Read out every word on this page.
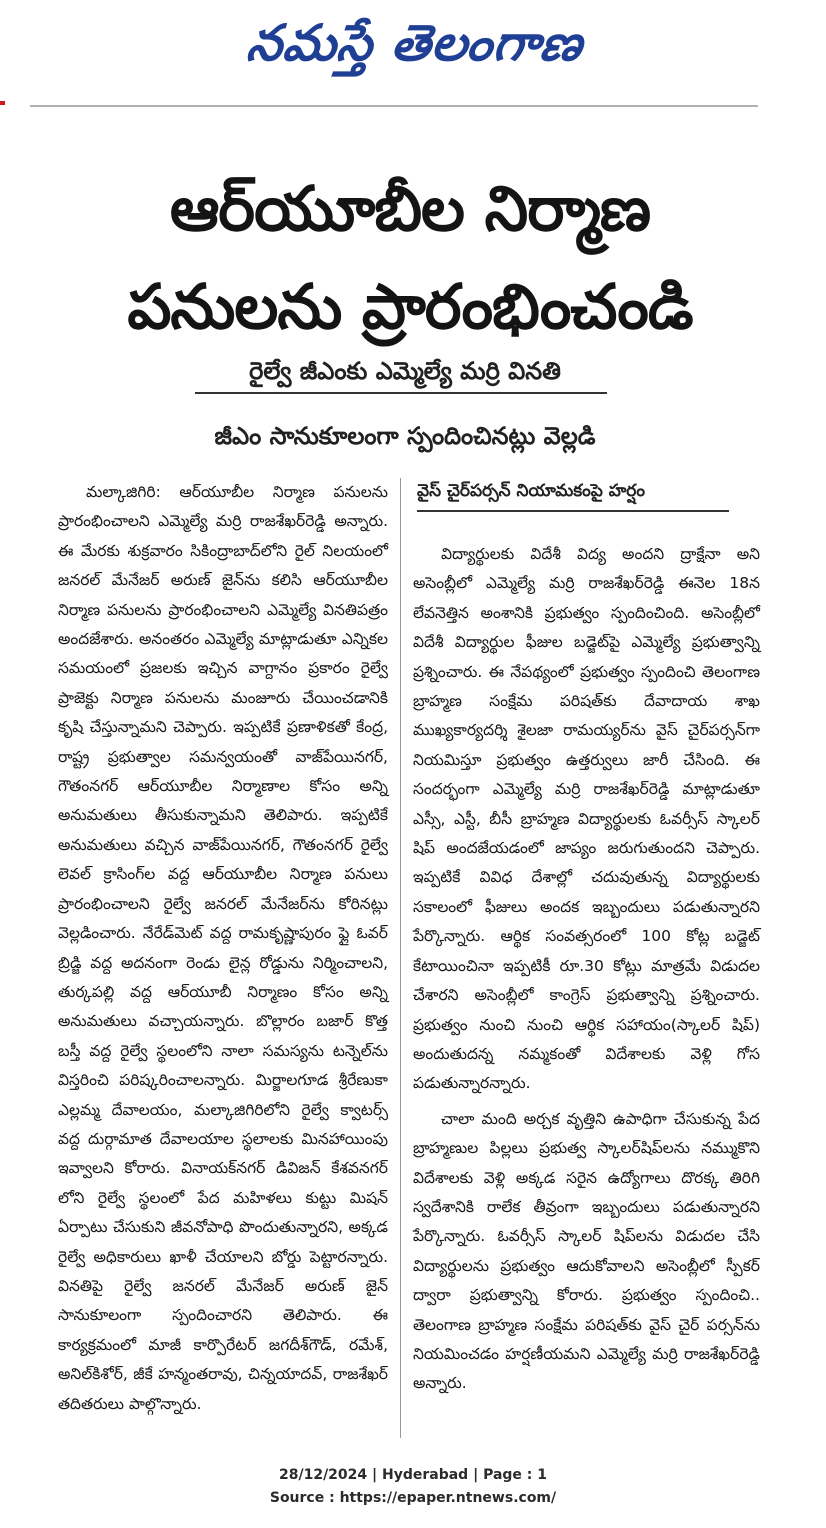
నమస్తే తెలంగాణ
ఆర్‌యూబీల నిర్మాణ
పనులను ప్రారంభించండి
రైల్వే జీఎంకు ఎమ్మెల్యే మర్రి వినతి
జీఎం సానుకూలంగా స్పందించినట్లు వెల్లడి

మల్కాజిగిరి: ఆర్‌యూబీల నిర్మాణ పనులను ప్రారంభించాలని ఎమ్మెల్యే మర్రి రాజశేఖర్‌రెడ్డి అన్నారు. ఈ మేరకు శుక్రవారం సికింద్రాబాద్‌లోని రైల్ నిలయంలో జనరల్ మేనేజర్ అరుణ్ జైన్‌ను కలిసి ఆర్‌యూబీల నిర్మాణ పనులను ప్రారంభించాలని ఎమ్మెల్యే వినతిపత్రం అందజేశారు. అనంతరం ఎమ్మెల్యే మాట్లాడుతూ ఎన్నికల సమయంలో ప్రజలకు ఇచ్చిన వాగ్దానం ప్రకారం రైల్వే ప్రాజెక్టు నిర్మాణ పనులను మంజూరు చేయించడానికి కృషి చేస్తున్నామని చెప్పారు. ఇప్పటికే ప్రణాళికతో కేంద్ర, రాష్ట్ర ప్రభుత్వాల సమన్వయంతో వాజ్‌పేయినగర్, గౌతంనగర్ ఆర్‌యూబీల నిర్మాణాల కోసం అన్ని అనుమతులు తీసుకున్నామని తెలిపారు. ఇప్పటికే అనుమతులు వచ్చిన వాజ్‌పేయినగర్, గౌతంనగర్ రైల్వే లెవల్ క్రాసింగ్‌ల వద్ద ఆర్‌యూబీల నిర్మాణ పనులు ప్రారంభించాలని రైల్వే జనరల్ మేనేజర్‌ను కోరినట్లు వెల్లడించారు. నేరేడ్‌మెట్ వద్ద రామకృష్ణాపురం ఫ్లై ఓవర్ బ్రిడ్జి వద్ద అదనంగా రెండు లైన్ల రోడ్డును నిర్మించాలని, తుర్కపల్లి వద్ద ఆర్‌యూబీ నిర్మాణం కోసం అన్ని అనుమతులు వచ్చాయన్నారు. బొల్లారం బజార్ కొత్త బస్తీ వద్ద రైల్వే స్థలంలోని నాలా సమస్యను టన్నెల్‌ను విస్తరించి పరిష్కరించాలన్నారు. మిర్జాలగూడ శ్రీరేణుకా ఎల్లమ్మ దేవాలయం, మల్కాజిగిరిలోని రైల్వే క్వాటర్స్ వద్ద దుర్గామాత దేవాలయాల స్థలాలకు మినహాయింపు ఇవ్వాలని కోరారు. వినాయక్‌నగర్ డివిజన్ కేశవనగర్ లోని రైల్వే స్థలంలో పేద మహిళలు కుట్టు మిషన్ ఏర్పాటు చేసుకుని జీవనోపాధి పొందుతున్నారని, అక్కడ రైల్వే అధికారులు ఖాళీ చేయాలని బోర్డు పెట్టారన్నారు. వినతిపై రైల్వే జనరల్ మేనేజర్ అరుణ్ జైన్ సానుకూలంగా స్పందించారని తెలిపారు. ఈ కార్యక్రమంలో మాజీ కార్పొరేటర్ జగదీశ్‌గౌడ్, రమేశ్, అనిల్‌కిశోర్, జీకే హన్మంతరావు, చిన్నయాదవ్, రాజశేఖర్ తదితరులు పాల్గొన్నారు.

వైస్ చైర్‌పర్సన్ నియామకంపై హర్షం

విద్యార్థులకు విదేశీ విద్య అందని ద్రాక్షేనా అని అసెంబ్లీలో ఎమ్మెల్యే మర్రి రాజశేఖర్‌రెడ్డి ఈనెల 18న లేవనెత్తిన అంశానికి ప్రభుత్వం స్పందించింది. అసెంబ్లీలో విదేశీ విద్యార్థుల ఫీజుల బడ్జెట్‌పై ఎమ్మెల్యే ప్రభుత్వాన్ని ప్రశ్నించారు. ఈ నేపథ్యంలో ప్రభుత్వం స్పందించి తెలంగాణ బ్రాహ్మణ సంక్షేమ పరిషత్‌కు దేవాదాయ శాఖ ముఖ్యకార్యదర్శి శైలజా రామయ్యర్‌ను వైస్ చైర్‌పర్సన్‌గా నియమిస్తూ ప్రభుత్వం ఉత్తర్వులు జారీ చేసింది. ఈ సందర్భంగా ఎమ్మెల్యే మర్రి రాజశేఖర్‌రెడ్డి మాట్లాడుతూ ఎస్సీ, ఎస్టీ, బీసీ బ్రాహ్మణ విద్యార్థులకు ఓవర్సీస్ స్కాలర్ షిప్ అందజేయడంలో జాప్యం జరుగుతుందని చెప్పారు. ఇప్పటికే వివిధ దేశాల్లో చదువుతున్న విద్యార్థులకు సకాలంలో ఫీజులు అందక ఇబ్బందులు పడుతున్నారని పేర్కొన్నారు. ఆర్థిక సంవత్సరంలో 100 కోట్ల బడ్జెట్ కేటాయించినా ఇప్పటికీ రూ.30 కోట్లు మాత్రమే విడుదల చేశారని అసెంబ్లీలో కాంగ్రెస్ ప్రభుత్వాన్ని ప్రశ్నించారు. ప్రభుత్వం నుంచి నుంచి ఆర్థిక సహాయం(స్కాలర్ షిప్) అందుతుదన్న నమ్మకంతో విదేశాలకు వెళ్లి గోస పడుతున్నారన్నారు.

చాలా మంది అర్చక వృత్తిని ఉపాధిగా చేసుకున్న పేద బ్రాహ్మణుల పిల్లలు ప్రభుత్వ స్కాలర్‌షిప్‌లను నమ్ముకొని విదేశాలకు వెళ్లి అక్కడ సరైన ఉద్యోగాలు దొరక్క తిరిగి స్వదేశానికి రాలేక తీవ్రంగా ఇబ్బందులు పడుతున్నారని పేర్కొన్నారు. ఓవర్సీస్ స్కాలర్ షిప్‌లను విడుదల చేసి విద్యార్థులను ప్రభుత్వం ఆదుకోవాలని అసెంబ్లీలో స్పీకర్ ద్వారా ప్రభుత్వాన్ని కోరారు. ప్రభుత్వం స్పందించి.. తెలంగాణ బ్రాహ్మణ సంక్షేమ పరిషత్‌కు వైస్ చైర్ పర్సన్‌ను నియమించడం హర్షణీయమని ఎమ్మెల్యే మర్రి రాజశేఖర్‌రెడ్డి అన్నారు.

28/12/2024 | Hyderabad | Page : 1
Source : https://epaper.ntnews.com/
